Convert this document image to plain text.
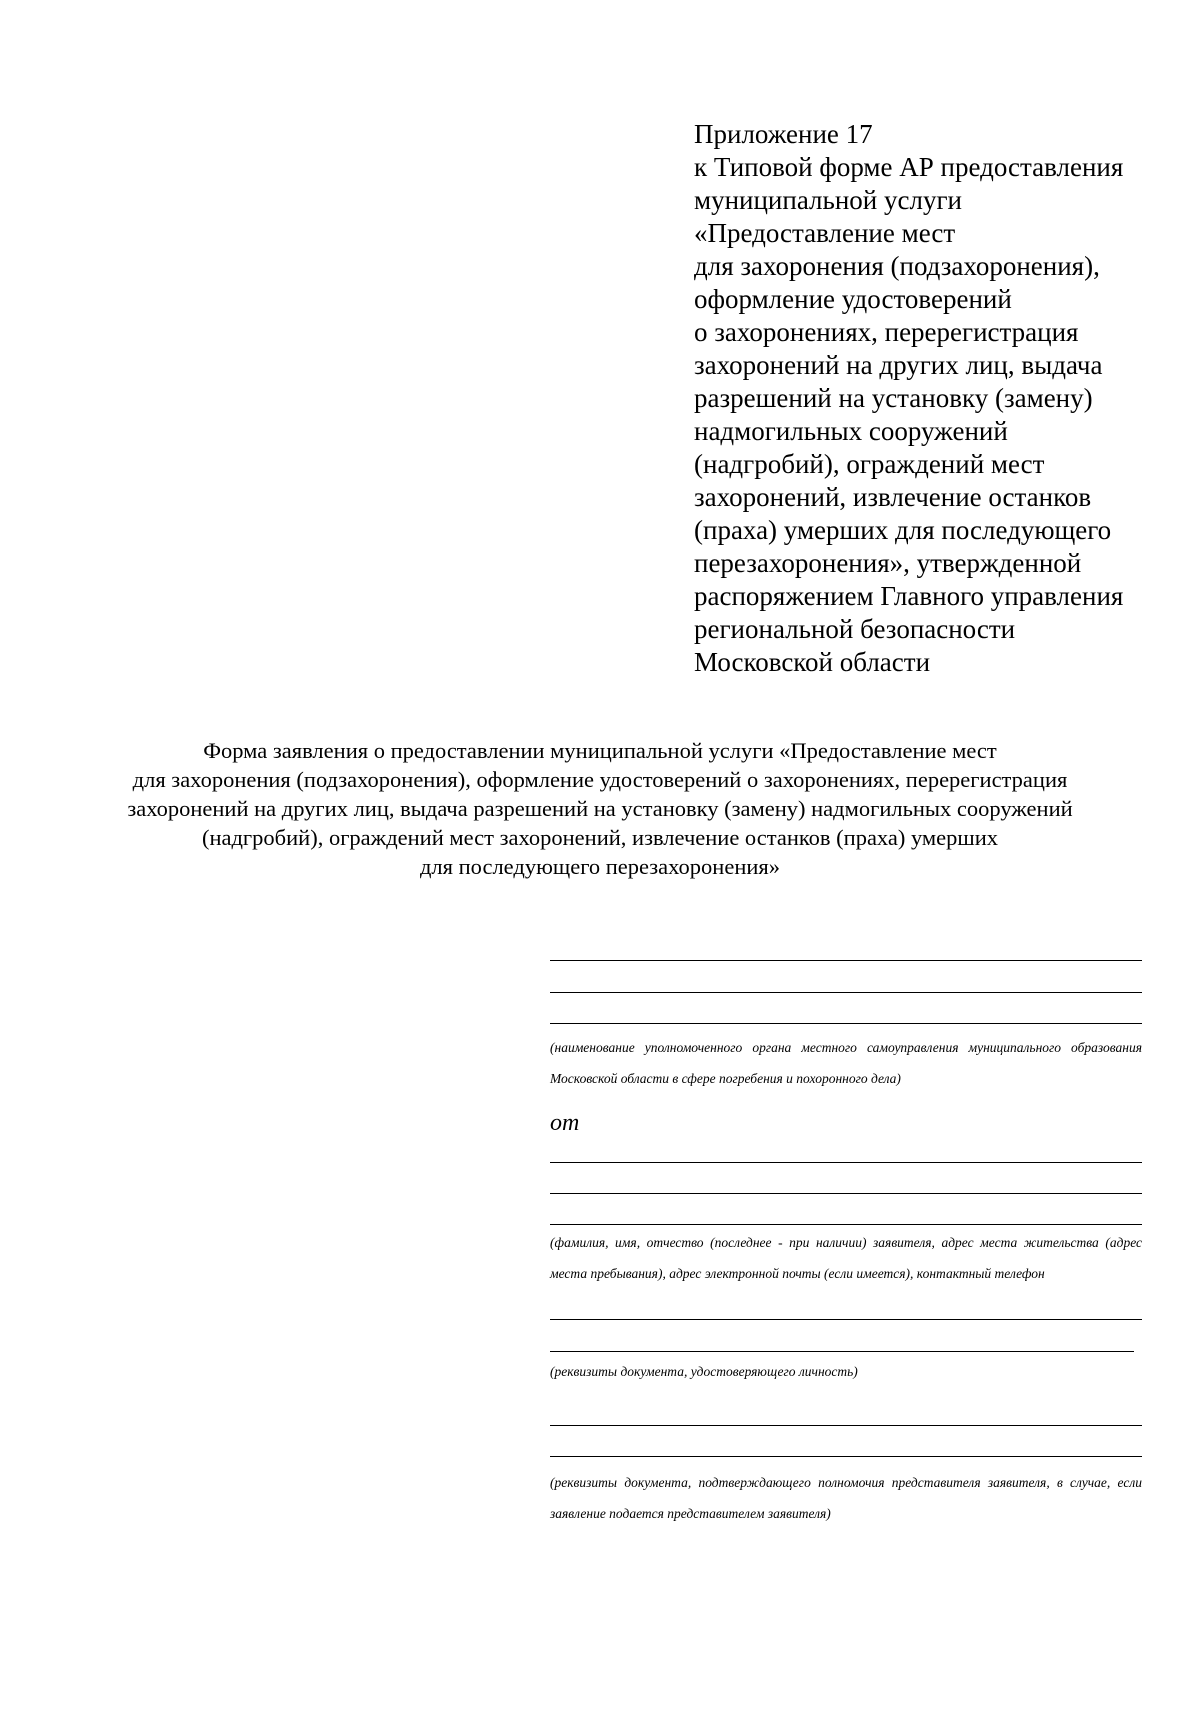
Приложение 17
к Типовой форме АР предоставления
муниципальной услуги
«Предоставление мест
для захоронения (подзахоронения),
оформление удостоверений
о захоронениях, перерегистрация
захоронений на других лиц, выдача
разрешений на установку (замену)
надмогильных сооружений
(надгробий), ограждений мест
захоронений, извлечение останков
(праха) умерших для последующего
перезахоронения», утвержденной
распоряжением Главного управления
региональной безопасности
Московской области
Форма заявления о предоставлении муниципальной услуги «Предоставление мест
для захоронения (подзахоронения), оформление удостоверений о захоронениях, перерегистрация
захоронений на других лиц, выдача разрешений на установку (замену) надмогильных сооружений
(надгробий), ограждений мест захоронений, извлечение останков (праха) умерших
для последующего перезахоронения»
(наименование уполномоченного органа местного самоуправления муниципального образования Московской области в сфере погребения и похоронного дела)
от
(фамилия, имя, отчество (последнее - при наличии) заявителя, адрес места жительства (адрес места пребывания), адрес электронной почты (если имеется), контактный телефон
(реквизиты документа, удостоверяющего личность)
(реквизиты документа, подтверждающего полномочия представителя заявителя, в случае, если заявление подается представителем заявителя)
